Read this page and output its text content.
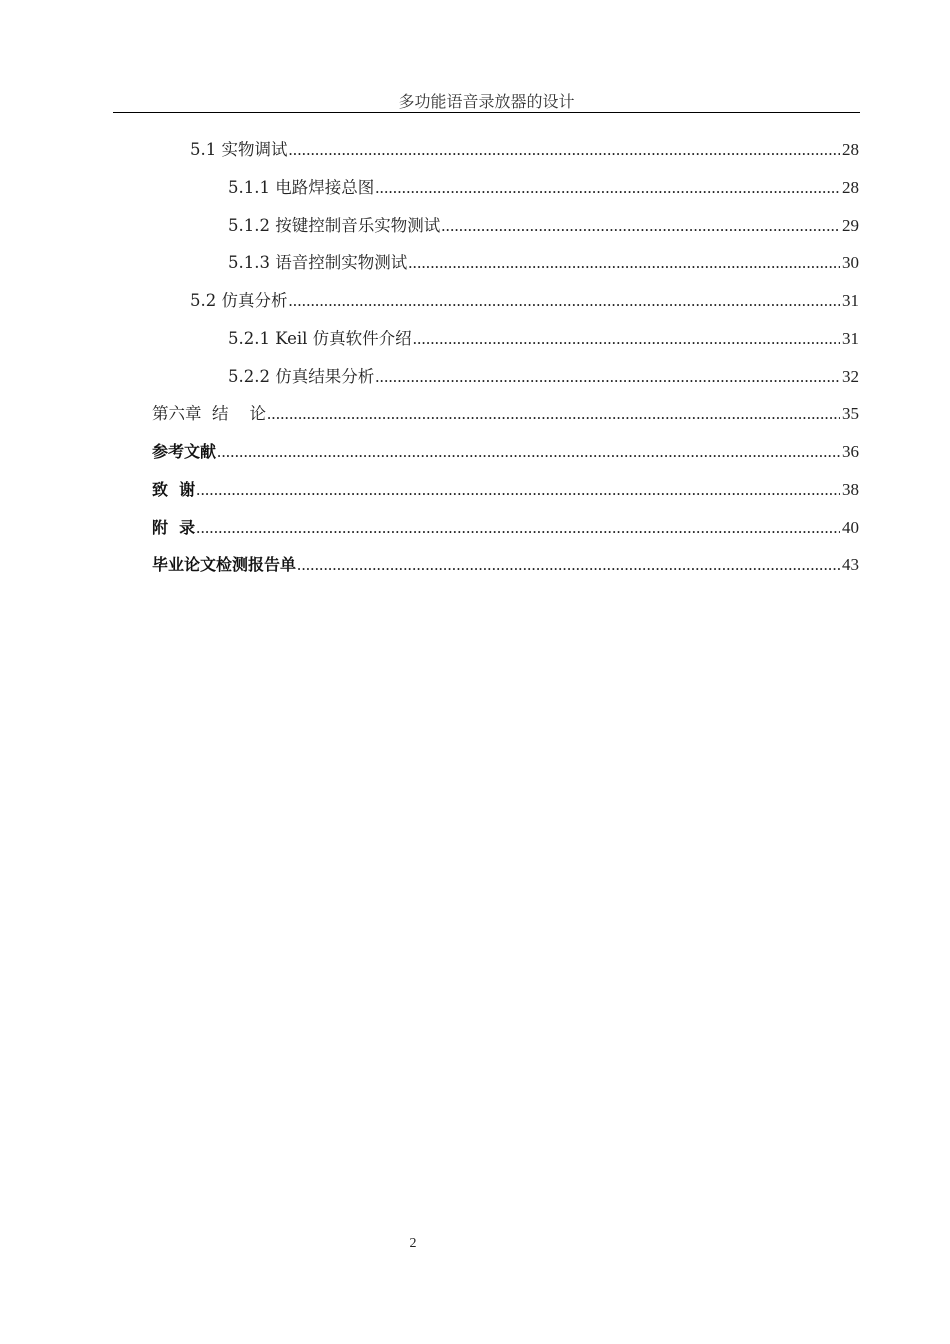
多功能语音录放器的设计
5.1 实物调试 .....	28
5.1.1 电路焊接总图 .....	28
5.1.2 按键控制音乐实物测试 .....	29
5.1.3 语音控制实物测试 .....	30
5.2 仿真分析 .....	31
5.2.1 Keil 仿真软件介绍 .....	31
5.2.2 仿真结果分析 .....	32
第六章  结    论 .....	35
参考文献 .....	36
致  谢 .....	38
附  录 .....	40
毕业论文检测报告单 .....	43
2
